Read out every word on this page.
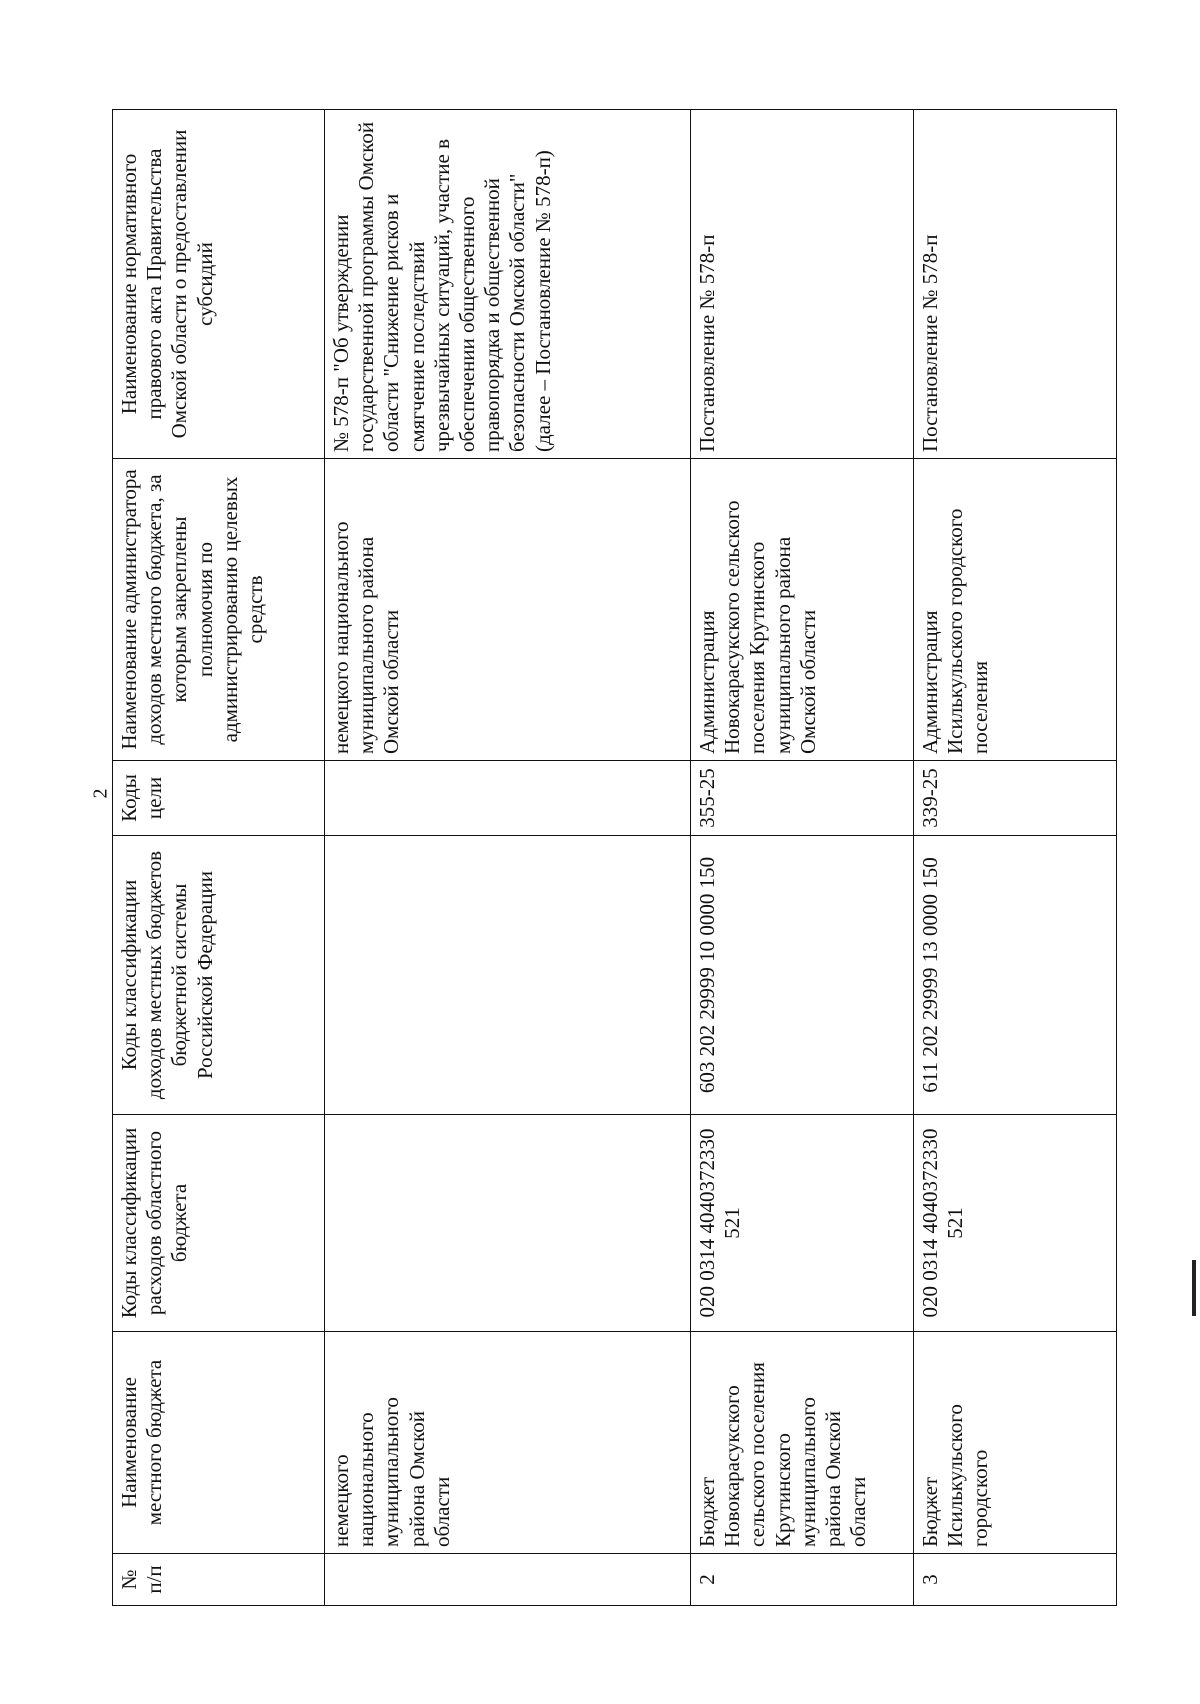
2
№ п/п	Наименование местного бюджета	Коды классификации расходов областного бюджета	Коды классификации доходов местных бюджетов бюджетной системы Российской Федерации	Коды цели	Наименование администратора доходов местного бюджета, за которым закреплены полномочия по администрированию целевых средств	Наименование нормативного правового акта Правительства Омской области о предоставлении субсидий
	немецкого национального муниципального района Омской области				немецкого национального муниципального района Омской области	№ 578-п "Об утверждении государственной программы Омской области "Снижение рисков и смягчение последствий чрезвычайных ситуаций, участие в обеспечении общественного правопорядка и общественной безопасности Омской области" (далее – Постановление № 578-п)
2	Бюджет Новокарасукского сельского поселения Крутинского муниципального района Омской области	020 0314 4040372330 521	603 202 29999 10 0000 150	355-25	Администрация Новокарасукского сельского поселения Крутинского муниципального района Омской области	Постановление № 578-п
3	Бюджет Исилькульского городского	020 0314 4040372330 521	611 202 29999 13 0000 150	339-25	Администрация Исилькульского городского поселения	Постановление № 578-п
